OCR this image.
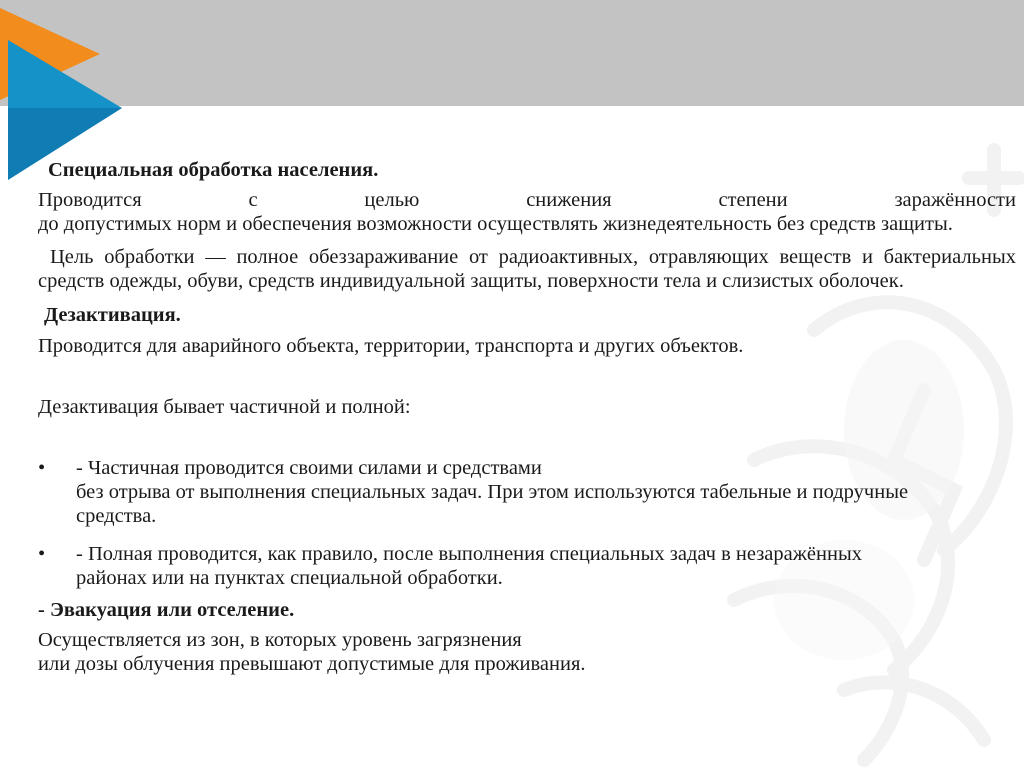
Специальная обработка населения.

Проводится с целью снижения степени заражённости
до допустимых норм и обеспечения возможности осуществлять жизнедеятельность без средств защиты.

Цель обработки — полное обеззараживание от радиоактивных, отравляющих веществ и бактериальных средств одежды, обуви, средств индивидуальной защиты, поверхности тела и слизистых оболочек.

Дезактивация.

Проводится для аварийного объекта, территории, транспорта и других объектов.

Дезактивация бывает частичной и полной:

• - Частичная проводится своими силами и средствами
без отрыва от выполнения специальных задач. При этом используются табельные и подручные средства.
• - Полная проводится, как правило, после выполнения специальных задач в незаражённых районах или на пунктах специальной обработки.

- Эвакуация или отселение.

Осуществляется из зон, в которых уровень загрязнения
или дозы облучения превышают допустимые для проживания.
